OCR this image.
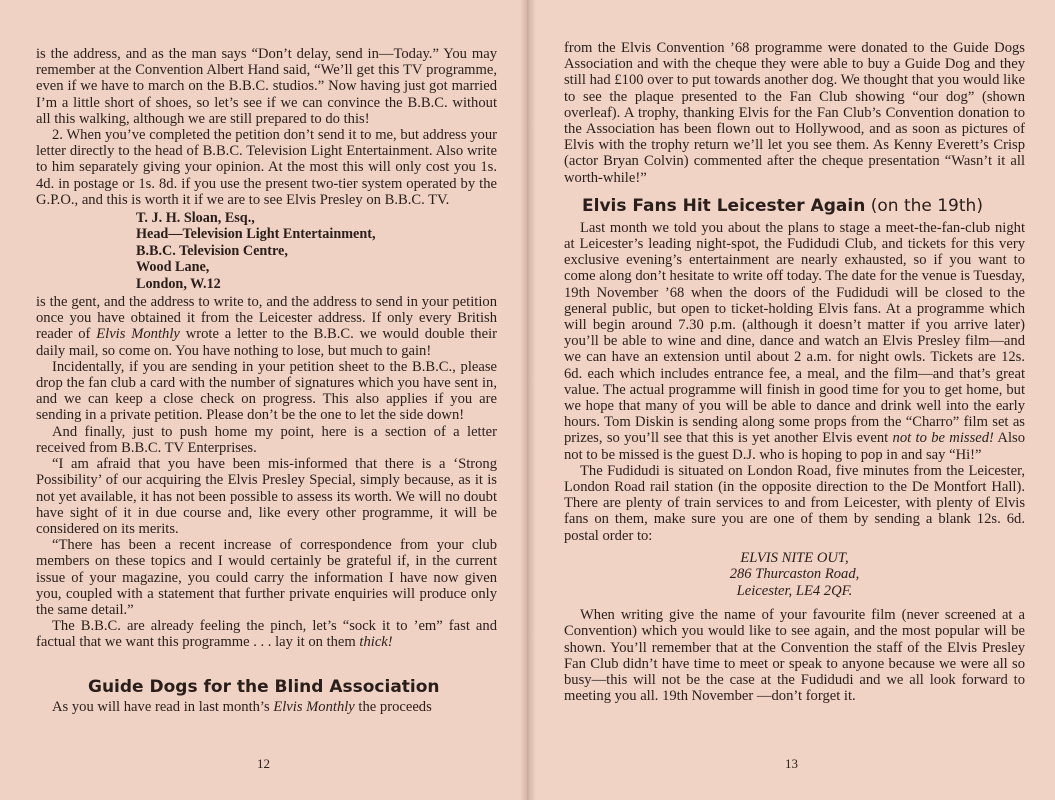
is the address, and as the man says “Don’t delay, send in—Today.” You may remember at the Convention Albert Hand said, “We’ll get this TV programme, even if we have to march on the B.B.C. studios.” Now having just got married I’m a little short of shoes, so let’s see if we can convince the B.B.C. without all this walking, although we are still prepared to do this!

2. When you’ve completed the petition don’t send it to me, but address your letter directly to the head of B.B.C. Television Light Entertainment. Also write to him separately giving your opinion. At the most this will only cost you 1s. 4d. in postage or 1s. 8d. if you use the present two-tier system operated by the G.P.O., and this is worth it if we are to see Elvis Presley on B.B.C. TV.

T. J. H. Sloan, Esq.,
Head—Television Light Entertainment,
B.B.C. Television Centre,
Wood Lane,
London, W.12

is the gent, and the address to write to, and the address to send in your petition once you have obtained it from the Leicester address. If only every British reader of Elvis Monthly wrote a letter to the B.B.C. we would double their daily mail, so come on. You have nothing to lose, but much to gain!

Incidentally, if you are sending in your petition sheet to the B.B.C., please drop the fan club a card with the number of signatures which you have sent in, and we can keep a close check on progress. This also applies if you are sending in a private petition. Please don’t be the one to let the side down!

And finally, just to push home my point, here is a section of a letter received from B.B.C. TV Enterprises.

“I am afraid that you have been mis-informed that there is a ‘Strong Possibility’ of our acquiring the Elvis Presley Special, simply because, as it is not yet available, it has not been possible to assess its worth. We will no doubt have sight of it in due course and, like every other programme, it will be considered on its merits.

“There has been a recent increase of correspondence from your club members on these topics and I would certainly be grateful if, in the current issue of your magazine, you could carry the information I have now given you, coupled with a statement that further private enquiries will produce only the same detail.”

The B.B.C. are already feeling the pinch, let’s “sock it to ’em” fast and factual that we want this programme . . . lay it on them thick!

Guide Dogs for the Blind Association

As you will have read in last month’s Elvis Monthly the proceeds

12

from the Elvis Convention ’68 programme were donated to the Guide Dogs Association and with the cheque they were able to buy a Guide Dog and they still had £100 over to put towards another dog. We thought that you would like to see the plaque presented to the Fan Club showing “our dog” (shown overleaf). A trophy, thanking Elvis for the Fan Club’s Convention donation to the Association has been flown out to Hollywood, and as soon as pictures of Elvis with the trophy return we’ll let you see them. As Kenny Everett’s Crisp (actor Bryan Colvin) commented after the cheque presentation “Wasn’t it all worth-while!”

Elvis Fans Hit Leicester Again (on the 19th)

Last month we told you about the plans to stage a meet-the-fan-club night at Leicester’s leading night-spot, the Fudidudi Club, and tickets for this very exclusive evening’s entertainment are nearly exhausted, so if you want to come along don’t hesitate to write off today. The date for the venue is Tuesday, 19th November ’68 when the doors of the Fudidudi will be closed to the general public, but open to ticket-holding Elvis fans. At a programme which will begin around 7.30 p.m. (although it doesn’t matter if you arrive later) you’ll be able to wine and dine, dance and watch an Elvis Presley film—and we can have an extension until about 2 a.m. for night owls. Tickets are 12s. 6d. each which includes entrance fee, a meal, and the film—and that’s great value. The actual programme will finish in good time for you to get home, but we hope that many of you will be able to dance and drink well into the early hours. Tom Diskin is sending along some props from the “Charro” film set as prizes, so you’ll see that this is yet another Elvis event not to be missed! Also not to be missed is the guest D.J. who is hoping to pop in and say “Hi!”

The Fudidudi is situated on London Road, five minutes from the Leicester, London Road rail station (in the opposite direction to the De Montfort Hall). There are plenty of train services to and from Leicester, with plenty of Elvis fans on them, make sure you are one of them by sending a blank 12s. 6d. postal order to:

ELVIS NITE OUT,
286 Thurcaston Road,
Leicester, LE4 2QF.

When writing give the name of your favourite film (never screened at a Convention) which you would like to see again, and the most popular will be shown. You’ll remember that at the Convention the staff of the Elvis Presley Fan Club didn’t have time to meet or speak to anyone because we were all so busy—this will not be the case at the Fudidudi and we all look forward to meeting you all. 19th November —don’t forget it.

13
